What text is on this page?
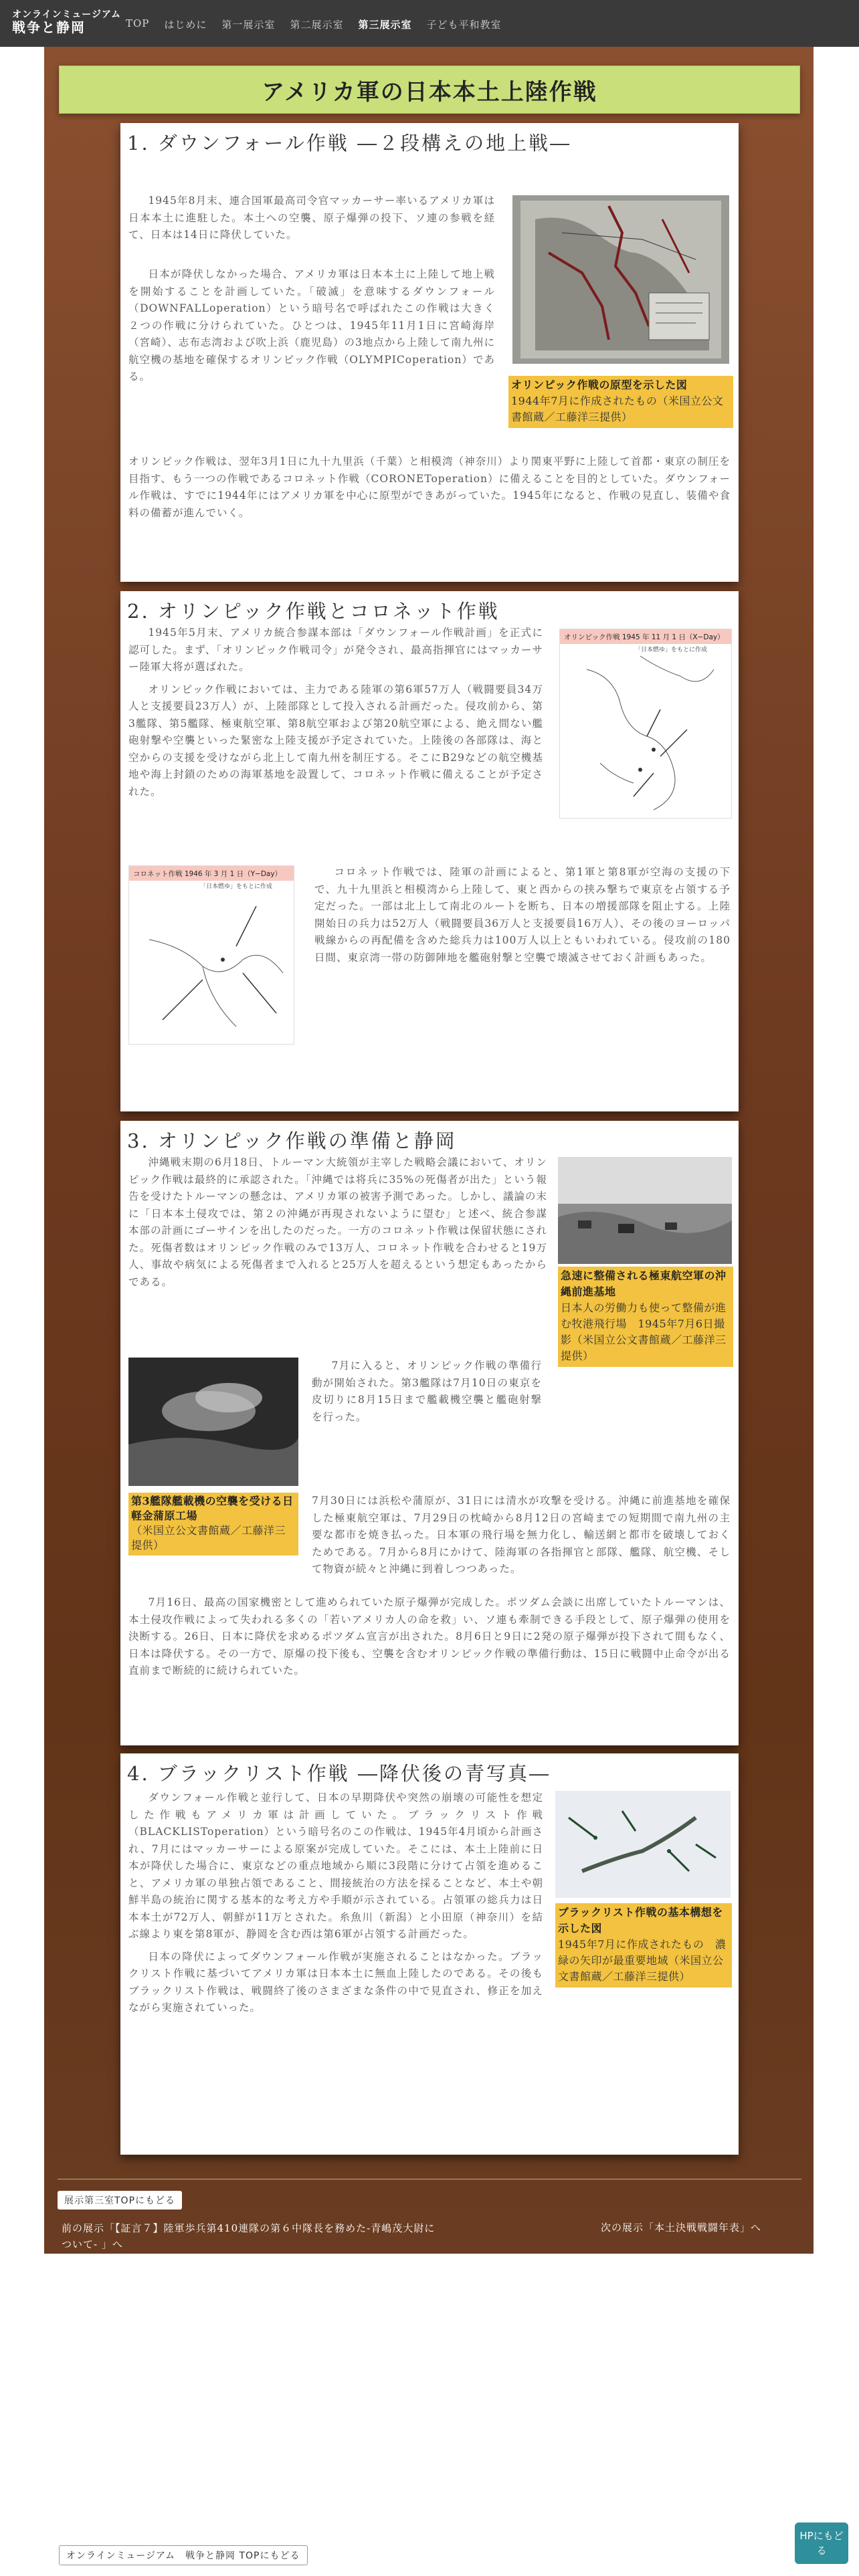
オンラインミュージアム
戦争と静岡	TOP はじめに 第一展示室 第二展示室 第三展示室 子ども平和教室
アメリカ軍の日本本土上陸作戦
1. ダウンフォール作戦 ―２段構えの地上戦―
オリンピック作戦の原型を示した図
1944年7月に作成されたもの（米国立公文書館蔵／工藤洋三提供）

1945年8月末、連合国軍最高司令官マッカーサー率いるアメリカ軍は日本本土に進駐した。本土への空襲、原子爆弾の投下、ソ連の参戦を経て、日本は14日に降伏していた。

日本が降伏しなかった場合、アメリカ軍は日本本土に上陸して地上戦を開始することを計画していた。「破滅」を意味するダウンフォール（DOWNFALLoperation）という暗号名で呼ばれたこの作戦は大きく２つの作戦に分けられていた。ひとつは、1945年11月1日に宮崎海岸（宮崎）、志布志湾および吹上浜（鹿児島）の3地点から上陸して南九州に航空機の基地を確保するオリンピック作戦（OLYMPICoperation）である。

オリンピック作戦は、翌年3月1日に九十九里浜（千葉）と相模湾（神奈川）より関東平野に上陸して首都・東京の制圧を目指す、もう一つの作戦であるコロネット作戦（CORONEToperation）に備えることを目的としていた。ダウンフォール作戦は、すでに1944年にはアメリカ軍を中心に原型ができあがっていた。1945年になると、作戦の見直し、装備や食料の備蓄が進んでいく。

2. オリンピック作戦とコロネット作戦
オリンピック作戦 1945 年 11 月 1 日（X−Day）
「日本燃ゆ」をもとに作成

1945年5月末、アメリカ統合参謀本部は「ダウンフォール作戦計画」を正式に認可した。まず、「オリンピック作戦司令」が発令され、最高指揮官にはマッカーサー陸軍大将が選ばれた。

オリンピック作戦においては、主力である陸軍の第6軍57万人（戦闘要員34万人と支援要員23万人）が、上陸部隊として投入される計画だった。侵攻前から、第3艦隊、第5艦隊、極東航空軍、第8航空軍および第20航空軍による、絶え間ない艦砲射撃や空襲といった緊密な上陸支援が予定されていた。上陸後の各部隊は、海と空からの支援を受けながら北上して南九州を制圧する。そこにB29などの航空機基地や海上封鎖のための海軍基地を設置して、コロネット作戦に備えることが予定された。

コロネット作戦 1946 年 3 月 1 日（Y−Day）
「日本燃ゆ」をもとに作成

コロネット作戦では、陸軍の計画によると、第1軍と第8軍が空海の支援の下で、九十九里浜と相模湾から上陸して、東と西からの挟み撃ちで東京を占領する予定だった。一部は北上して南北のルートを断ち、日本の増援部隊を阻止する。上陸開始日の兵力は52万人（戦闘要員36万人と支援要員16万人）、その後のヨーロッパ戦線からの再配備を含めた総兵力は100万人以上ともいわれている。侵攻前の180日間、東京湾一帯の防御陣地を艦砲射撃と空襲で壊滅させておく計画もあった。

3. オリンピック作戦の準備と静岡
急速に整備される極東航空軍の沖縄前進基地
日本人の労働力も使って整備が進む牧港飛行場　1945年7月6日撮影（米国立公文書館蔵／工藤洋三提供）

沖縄戦末期の6月18日、トルーマン大統領が主宰した戦略会議において、オリンピック作戦は最終的に承認された。「沖縄では将兵に35%の死傷者が出た」という報告を受けたトルーマンの懸念は、アメリカ軍の被害予測であった。しかし、議論の末に「日本本土侵攻では、第２の沖縄が再現されないように望む」と述べ、統合参謀本部の計画にゴーサインを出したのだった。一方のコロネット作戦は保留状態にされた。死傷者数はオリンピック作戦のみで13万人、コロネット作戦を合わせると19万人、事故や病気による死傷者まで入れると25万人を超えるという想定もあったからである。

第3艦隊艦載機の空襲を受ける日軽金蒲原工場
（米国立公文書館蔵／工藤洋三提供）

7月に入ると、オリンピック作戦の準備行動が開始された。第3艦隊は7月10日の東京を皮切りに8月15日まで艦載機空襲と艦砲射撃を行った。

7月30日には浜松や蒲原が、31日には清水が攻撃を受ける。沖縄に前進基地を確保した極東航空軍は、7月29日の枕崎から8月12日の宮崎までの短期間で南九州の主要な都市を焼き払った。日本軍の飛行場を無力化し、輸送網と都市を破壊しておくためである。7月から8月にかけて、陸海軍の各指揮官と部隊、艦隊、航空機、そして物資が続々と沖縄に到着しつつあった。

7月16日、最高の国家機密として進められていた原子爆弾が完成した。ポツダム会談に出席していたトルーマンは、本土侵攻作戦によって失われる多くの「若いアメリカ人の命を救」い、ソ連も牽制できる手段として、原子爆弾の使用を決断する。26日、日本に降伏を求めるポツダム宣言が出された。8月6日と9日に2発の原子爆弾が投下されて間もなく、日本は降伏する。その一方で、原爆の投下後も、空襲を含むオリンピック作戦の準備行動は、15日に戦闘中止命令が出る直前まで断続的に続けられていた。

4. ブラックリスト作戦 ―降伏後の青写真―
ブラックリスト作戦の基本構想を示した図
1945年7月に作成されたもの　濃緑の矢印が最重要地域（米国立公文書館蔵／工藤洋三提供）

ダウンフォール作戦と並行して、日本の早期降伏や突然の崩壊の可能性を想定した作戦もアメリカ軍は計画していた。ブラックリスト作戦（BLACKLISToperation）という暗号名のこの作戦は、1945年4月頃から計画され、7月にはマッカーサーによる原案が完成していた。そこには、本土上陸前に日本が降伏した場合に、東京などの重点地域から順に3段階に分けて占領を進めること、アメリカ軍の単独占領であること、間接統治の方法を採ることなど、本土や朝鮮半島の統治に関する基本的な考え方や手順が示されている。占領軍の総兵力は日本本土が72万人、朝鮮が11万とされた。糸魚川（新潟）と小田原（神奈川）を結ぶ線より東を第8軍が、静岡を含む西は第6軍が占領する計画だった。

日本の降伏によってダウンフォール作戦が実施されることはなかった。ブラックリスト作戦に基づいてアメリカ軍は日本本土に無血上陸したのである。その後もブラックリスト作戦は、戦闘終了後のさまざまな条件の中で見直され、修正を加えながら実施されていった。

展示第三室TOPにもどる
前の展示「【証言７】陸軍歩兵第410連隊の第６中隊長を務めた-青嶋茂大尉について- 」へ
次の展示「本土決戦戦闘年表」へ
オンラインミュージアム　戦争と静岡 TOPにもどる
HPにもどる
